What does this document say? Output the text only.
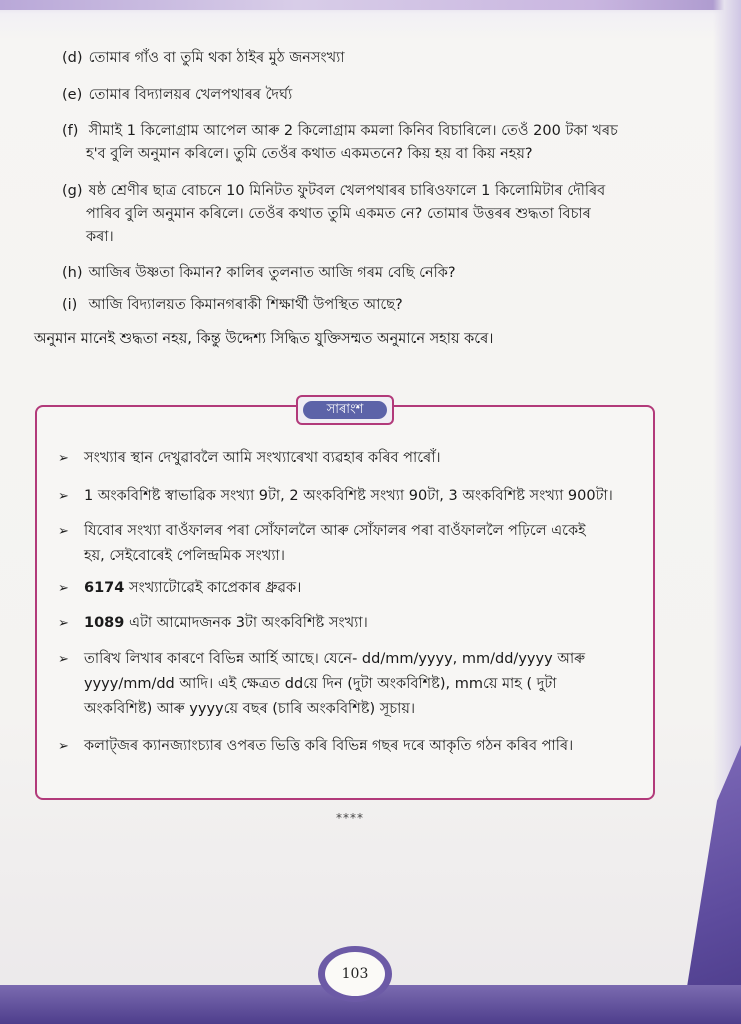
(d) তোমাৰ গাঁও বা তুমি থকা ঠাইৰ মুঠ জনসংখ্যা
(e) তোমাৰ বিদ্যালয়ৰ খেলপথাৰৰ দৈৰ্ঘ্য
(f) সীমাই 1 কিলোগ্ৰাম আপেল আৰু 2 কিলোগ্ৰাম কমলা কিনিব বিচাৰিলে। তেওঁ 200 টকা খৰচ
হ'ব বুলি অনুমান কৰিলে। তুমি তেওঁৰ কথাত একমতনে? কিয় হয় বা কিয় নহয়?
(g) ষষ্ঠ শ্ৰেণীৰ ছাত্ৰ বোচনে 10 মিনিটত ফুটবল খেলপথাৰৰ চাৰিওফালে 1 কিলোমিটাৰ দৌৰিব
পাৰিব বুলি অনুমান কৰিলে। তেওঁৰ কথাত তুমি একমত নে? তোমাৰ উত্তৰৰ শুদ্ধতা বিচাৰ
কৰা।
(h) আজিৰ উষ্ণতা কিমান? কালিৰ তুলনাত আজি গৰম বেছি নেকি?
(i) আজি বিদ্যালয়ত কিমানগৰাকী শিক্ষাৰ্থী উপস্থিত আছে?
অনুমান মানেই শুদ্ধতা নহয়, কিন্তু উদ্দেশ্য সিদ্ধিত যুক্তিসম্মত অনুমানে সহায় কৰে।
সাৰাংশ
➢	সংখ্যাৰ স্থান দেখুৱাবলৈ আমি সংখ্যাৰেখা ব্যৱহাৰ কৰিব পাৰোঁ।
➢	1 অংকবিশিষ্ট স্বাভাৱিক সংখ্যা 9টা, 2 অংকবিশিষ্ট সংখ্যা 90টা, 3 অংকবিশিষ্ট সংখ্যা 900টা।
➢	যিবোৰ সংখ্যা বাওঁফালৰ পৰা সোঁফাললৈ আৰু সোঁফালৰ পৰা বাওঁফাললৈ পঢ়িলে একেই
হয়, সেইবোৰেই পেলিন্দ্ৰমিক সংখ্যা।
➢	6174 সংখ্যাটোৱেই কাপ্ৰেকাৰ ধ্ৰুৱক।
➢	1089 এটা আমোদজনক 3টা অংকবিশিষ্ট সংখ্যা।
➢	তাৰিখ লিখাৰ কাৰণে বিভিন্ন আৰ্হি আছে। যেনে- dd/mm/yyyy, mm/dd/yyyy আৰু
yyyy/mm/dd আদি। এই ক্ষেত্ৰত ddয়ে দিন (দুটা অংকবিশিষ্ট), mmয়ে মাহ ( দুটা
অংকবিশিষ্ট) আৰু yyyyয়ে বছৰ (চাৰি অংকবিশিষ্ট) সূচায়।
➢	কলাট্‌জৰ ক্যানজ্যাংচ্যাৰ ওপৰত ভিত্তি কৰি বিভিন্ন গছৰ দৰে আকৃতি গঠন কৰিব পাৰি।
****
103
